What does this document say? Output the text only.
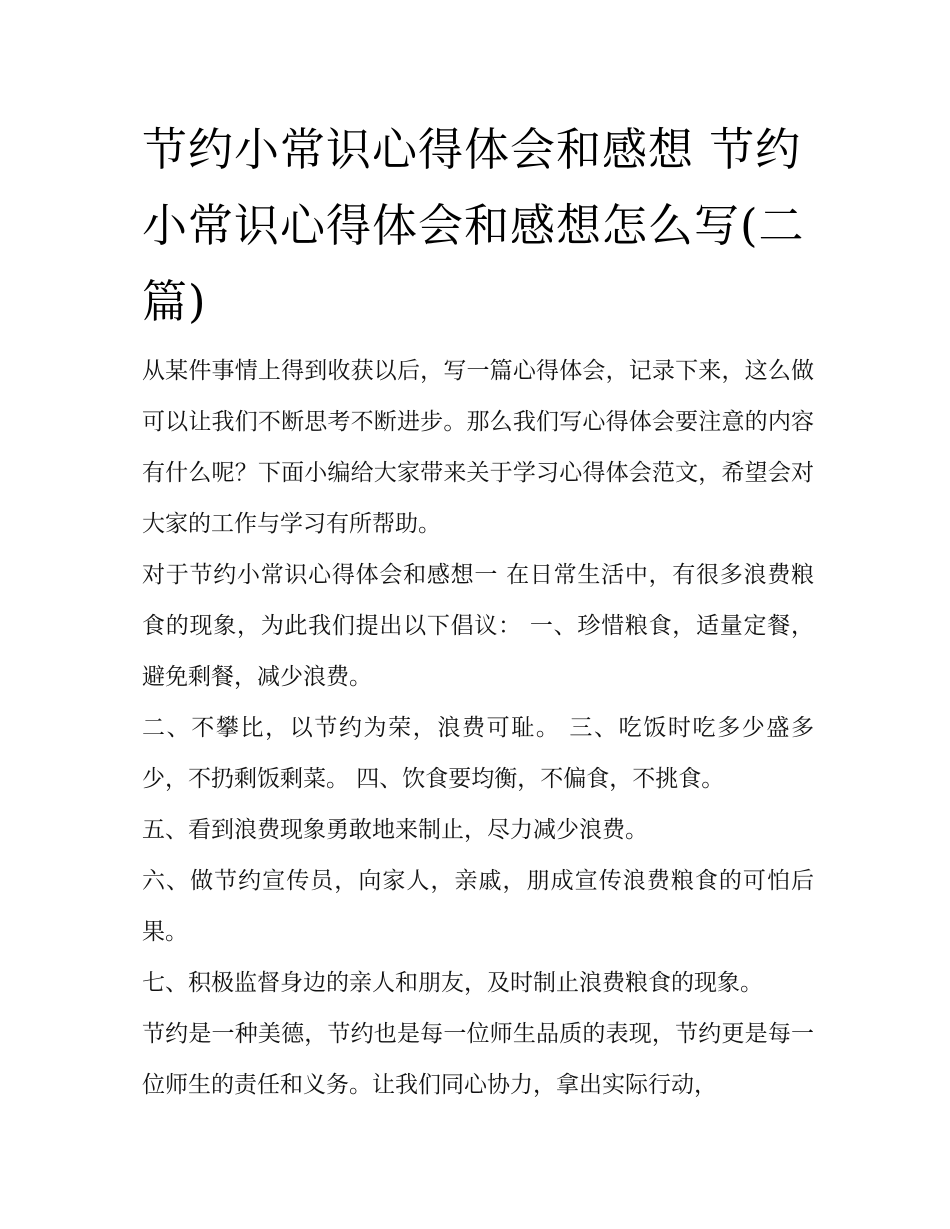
节约小常识心得体会和感想 节约小常识心得体会和感想怎么写(二篇)

从某件事情上得到收获以后，写一篇心得体会，记录下来，这么做可以让我们不断思考不断进步。那么我们写心得体会要注意的内容有什么呢？下面小编给大家带来关于学习心得体会范文，希望会对大家的工作与学习有所帮助。

对于节约小常识心得体会和感想一 在日常生活中，有很多浪费粮食的现象，为此我们提出以下倡议： 一、珍惜粮食，适量定餐，避免剩餐，减少浪费。

二、不攀比，以节约为荣，浪费可耻。 三、吃饭时吃多少盛多少，不扔剩饭剩菜。 四、饮食要均衡，不偏食，不挑食。

五、看到浪费现象勇敢地来制止，尽力减少浪费。

六、做节约宣传员，向家人，亲戚，朋成宣传浪费粮食的可怕后果。

七、积极监督身边的亲人和朋友，及时制止浪费粮食的现象。

节约是一种美德，节约也是每一位师生品质的表现，节约更是每一位师生的责任和义务。让我们同心协力，拿出实际行动，
